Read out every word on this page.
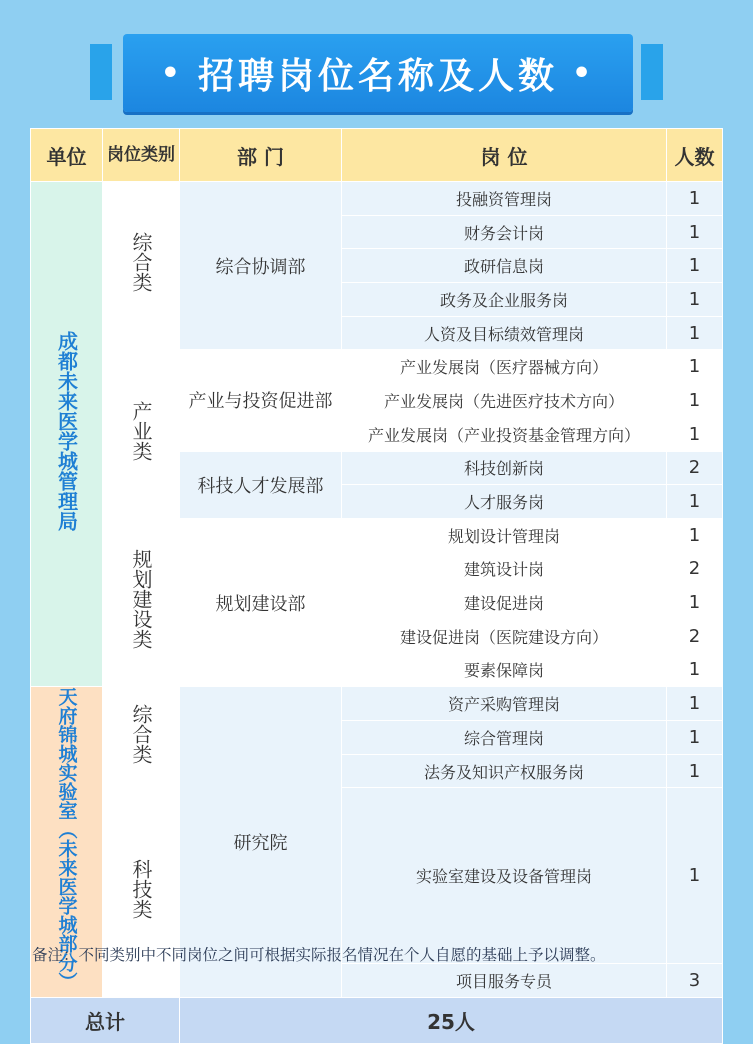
• 招聘岗位名称及人数 •
单位	岗位类别	部 门	岗 位	人数
成都未来医学城管理局	综合类	综合协调部	投融资管理岗	1
			财务会计岗	1
			政研信息岗	1
			政务及企业服务岗	1
			人资及目标绩效管理岗	1
	产业类	产业与投资促进部	产业发展岗（医疗器械方向）	1
			产业发展岗（先进医疗技术方向）	1
			产业发展岗（产业投资基金管理方向）	1
		科技人才发展部	科技创新岗	2
			人才服务岗	1
	规划建设类	规划建设部	规划设计管理岗	1
			建筑设计岗	2
			建设促进岗	1
			建设促进岗（医院建设方向）	2
			要素保障岗	1
天府锦城实验室（未来医学城部分）	综合类	研究院	资产采购管理岗	1
			综合管理岗	1
			法务及知识产权服务岗	1
	科技类		实验室建设及设备管理岗	1
			项目服务专员	3
总计		25人		
备注：不同类别中不同岗位之间可根据实际报名情况在个人自愿的基础上予以调整。
